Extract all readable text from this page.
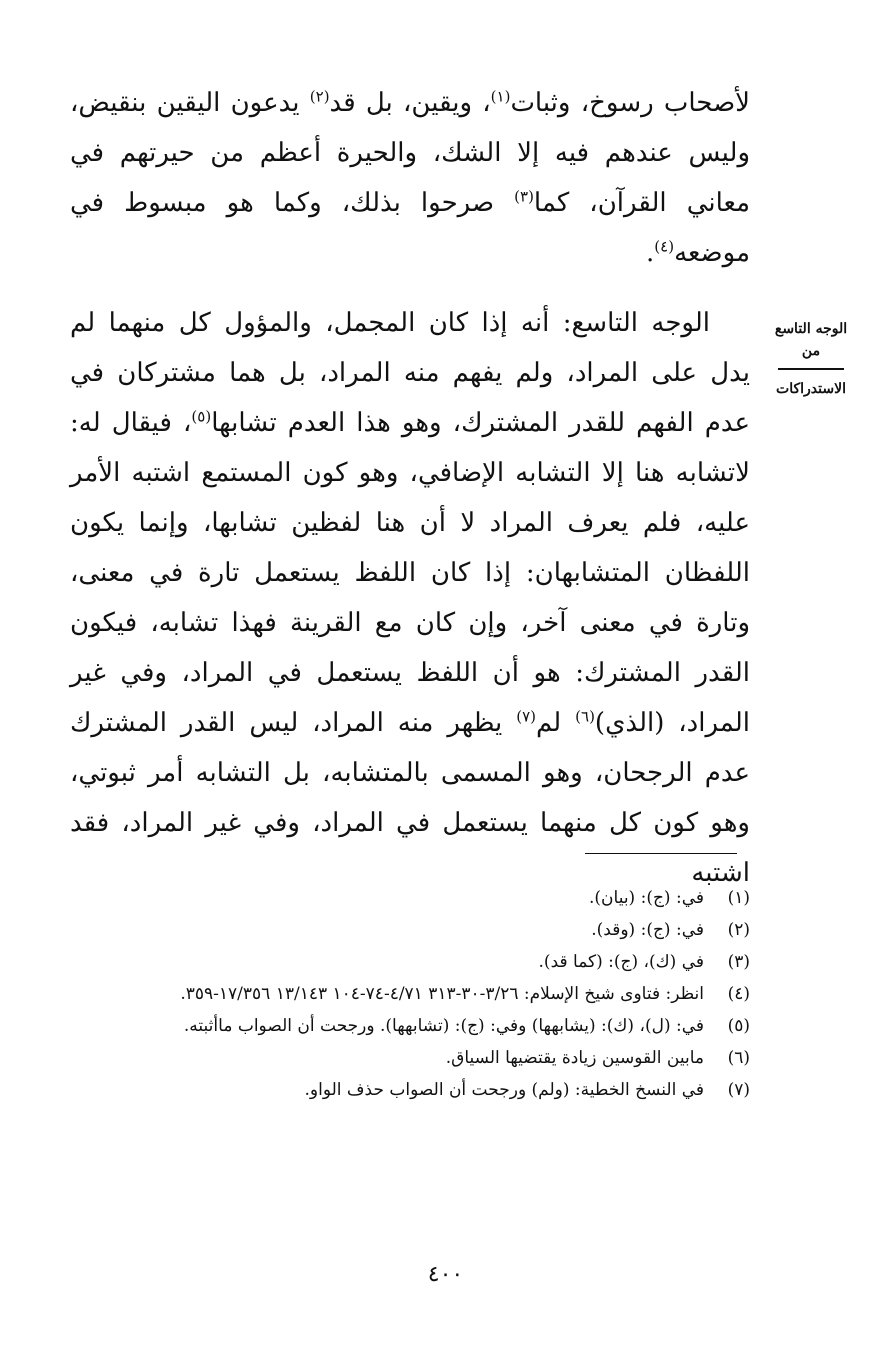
لأصحاب رسوخ، وثبات$^{(١)}$، ويقين، بل قد$^{(٢)}$ يدعون اليقين بنقيض، وليس عندهم فيه إلا الشك، والحيرة أعظم من حيرتهم في معاني القرآن، كما$^{(٣)}$ صرحوا بذلك، وكما هو مبسوط في موضعه$^{(٤)}$.

الوجه التاسع: أنه إذا كان المجمل، والمؤول كل منهما لم يدل على المراد، ولم يفهم منه المراد، بل هما مشتركان في عدم الفهم للقدر المشترك، وهو هذا العدم تشابها$^{(٥)}$، فيقال له: لاتشابه هنا إلا التشابه الإضافي، وهو كون المستمع اشتبه الأمر عليه، فلم يعرف المراد لا أن هنا لفظين تشابها، وإنما يكون اللفظان المتشابهان: إذا كان اللفظ يستعمل تارة في معنى، وتارة في معنى آخر، وإن كان مع القرينة فهذا تشابه، فيكون القدر المشترك: هو أن اللفظ يستعمل في المراد، وفي غير المراد، (الذي)$^{(٦)}$ لم$^{(٧)}$ يظهر منه المراد، ليس القدر المشترك عدم الرجحان، وهو المسمى بالمتشابه، بل التشابه أمر ثبوتي، وهو كون كل منهما يستعمل في المراد، وفي غير المراد، فقد اشتبه

الوجه التاسع
من
الاستدراكات
(١)
في: (ج): (بيان).
(٢)
في: (ج): (وقد).
(٣)
في (ك)، (ج): (كما قد).
(٤)
انظر: فتاوى شيخ الإسلام: ٣/٢٦-٣٠-٣١٣ ٤/٧١-٧٤-١٠٤ ١٣/١٤٣ ١٧/٣٥٦-٣٥٩.
(٥)
في: (ل)، (ك): (يشابهها) وفي: (ج): (تشابهها). ورجحت أن الصواب ماأثبته.
(٦)
مابين القوسين زيادة يقتضيها السياق.
(٧)
في النسخ الخطية: (ولم) ورجحت أن الصواب حذف الواو.
٤٠٠
